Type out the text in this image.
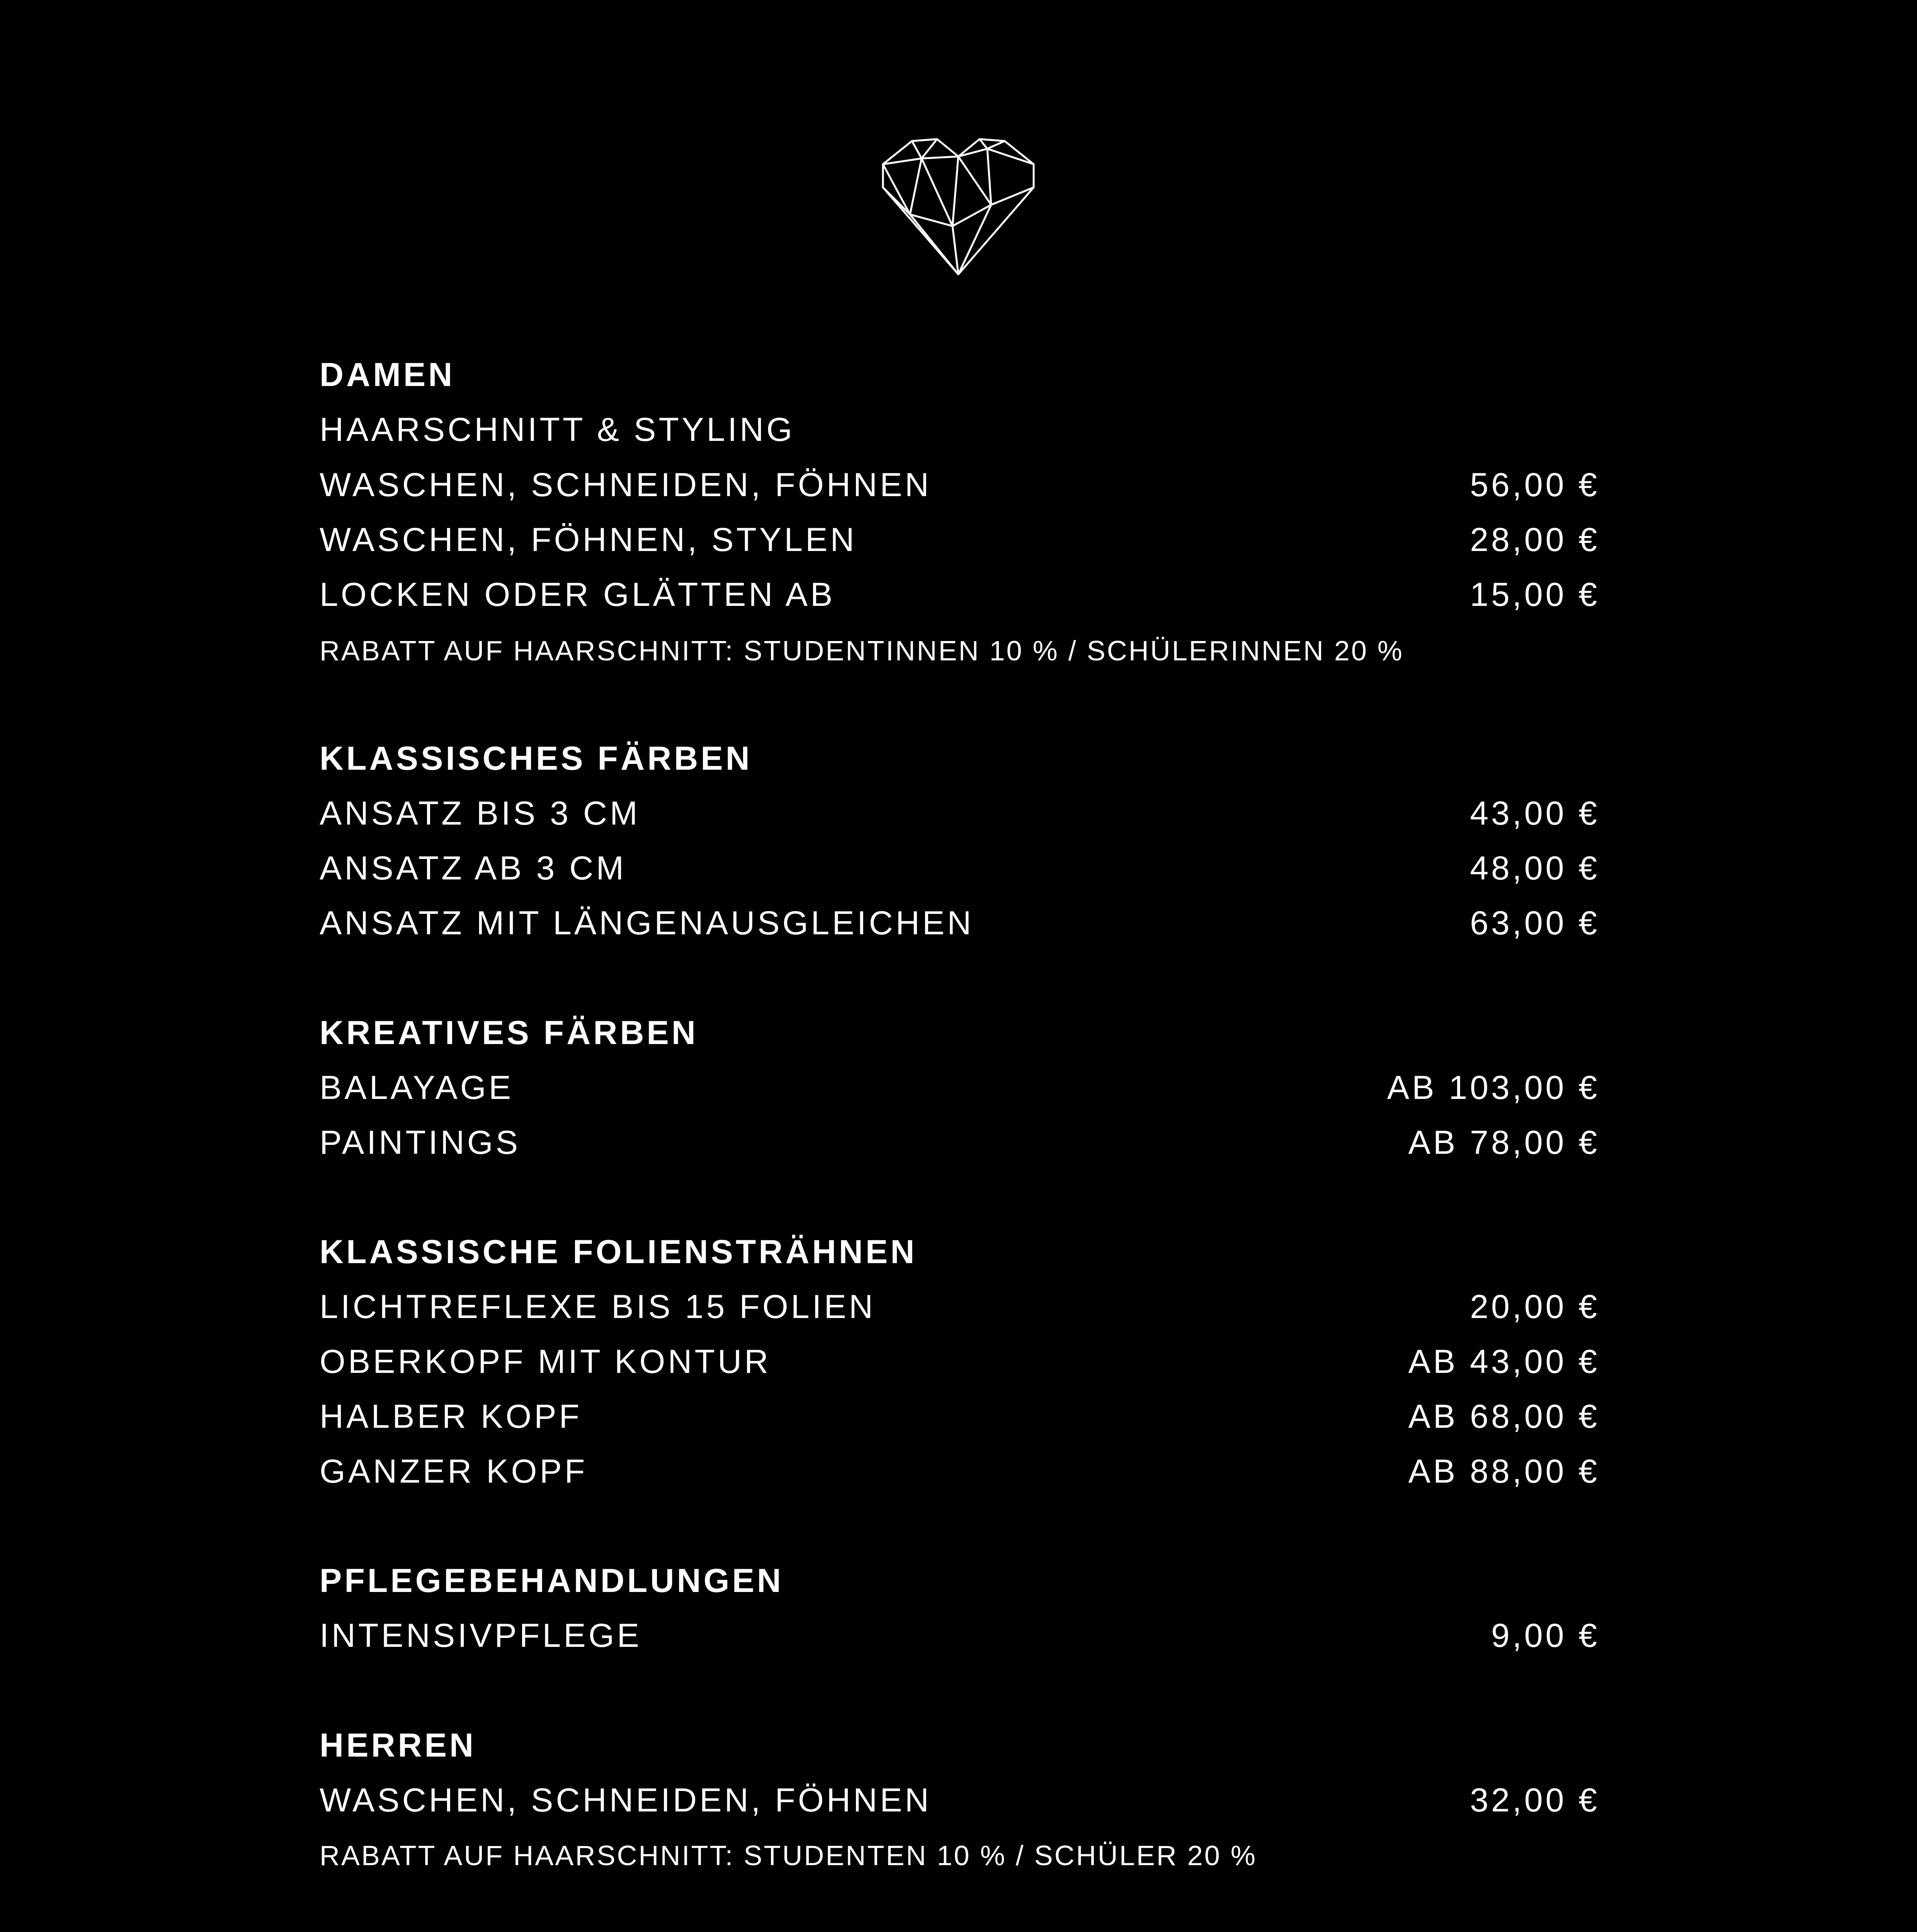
DAMEN
HAARSCHNITT & STYLING
WASCHEN, SCHNEIDEN, FÖHNEN	56,00 €
WASCHEN, FÖHNEN, STYLEN	28,00 €
LOCKEN ODER GLÄTTEN AB	15,00 €
RABATT AUF HAARSCHNITT: STUDENTINNEN 10 % / SCHÜLERINNEN 20 %
KLASSISCHES FÄRBEN
ANSATZ BIS 3 CM	43,00 €
ANSATZ AB 3 CM	48,00 €
ANSATZ MIT LÄNGENAUSGLEICHEN	63,00 €
KREATIVES FÄRBEN
BALAYAGE	AB 103,00 €
PAINTINGS	AB 78,00 €
KLASSISCHE FOLIENSTRÄHNEN
LICHTREFLEXE BIS 15 FOLIEN	20,00 €
OBERKOPF MIT KONTUR	AB 43,00 €
HALBER KOPF	AB 68,00 €
GANZER KOPF	AB 88,00 €
PFLEGEBEHANDLUNGEN
INTENSIVPFLEGE	9,00 €
HERREN
WASCHEN, SCHNEIDEN, FÖHNEN	32,00 €
RABATT AUF HAARSCHNITT: STUDENTEN 10 % / SCHÜLER 20 %
